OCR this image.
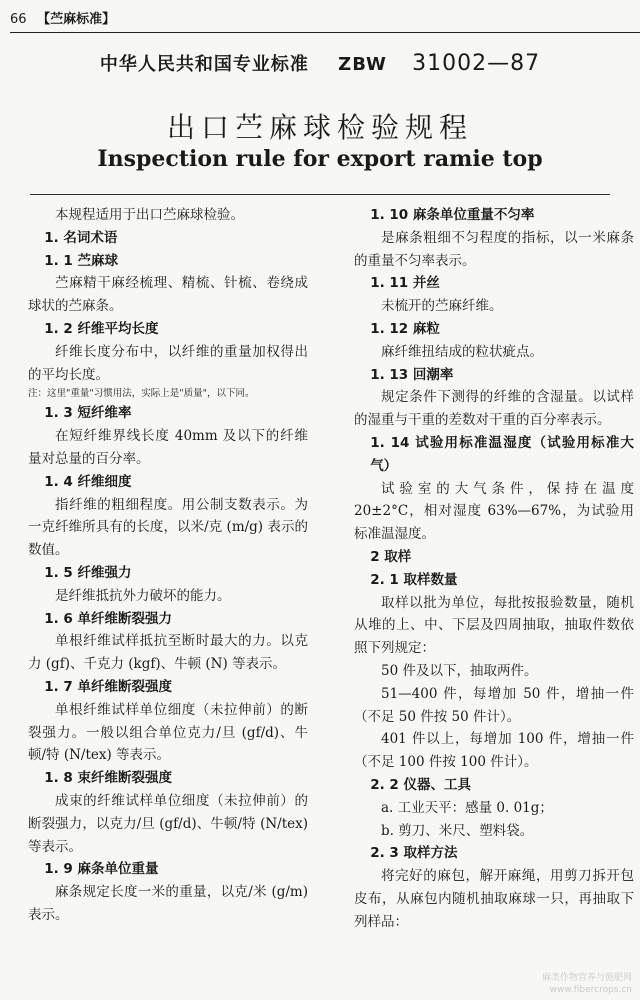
66 【苎麻标准】
中华人民共和国专业标准 ZBW 31002—87
出口苎麻球检验规程
Inspection rule for export ramie top

本规程适用于出口苎麻球检验。

1. 名词术语

1. 1 苎麻球

苎麻精干麻经梳理、精梳、针梳、卷绕成球状的苎麻条。

1. 2 纤维平均长度

纤维长度分布中，以纤维的重量加权得出的平均长度。

注：这里"重量"习惯用法，实际上是"质量"，以下同。

1. 3 短纤维率

在短纤维界线长度 40mm 及以下的纤维量对总量的百分率。

1. 4 纤维细度

指纤维的粗细程度。用公制支数表示。为一克纤维所具有的长度，以米/克 (m/g) 表示的数值。

1. 5 纤维强力

是纤维抵抗外力破坏的能力。

1. 6 单纤维断裂强力

单根纤维试样抵抗至断时最大的力。以克力 (gf)、千克力 (kgf)、牛顿 (N) 等表示。

1. 7 单纤维断裂强度

单根纤维试样单位细度（未拉伸前）的断裂强力。一般以组合单位克力/旦 (gf/d)、牛顿/特 (N/tex) 等表示。

1. 8 束纤维断裂强度

成束的纤维试样单位细度（未拉伸前）的断裂强力，以克力/旦 (gf/d)、牛顿/特 (N/tex) 等表示。

1. 9 麻条单位重量

麻条规定长度一米的重量，以克/米 (g/m) 表示。

1. 10 麻条单位重量不匀率

是麻条粗细不匀程度的指标，以一米麻条的重量不匀率表示。

1. 11 并丝

未梳开的苎麻纤维。

1. 12 麻粒

麻纤维扭结成的粒状疵点。

1. 13 回潮率

规定条件下测得的纤维的含湿量。以试样的湿重与干重的差数对干重的百分率表示。

1. 14 试验用标准温湿度（试验用标准大气）

试验室的大气条件，保持在温度 20±2°C，相对湿度 63%—67%，为试验用标准温湿度。

2 取样

2. 1 取样数量

取样以批为单位，每批按报验数量，随机从堆的上、中、下层及四周抽取，抽取件数依照下列规定：

50 件及以下，抽取两件。

51—400 件，每增加 50 件，增抽一件（不足 50 件按 50 件计）。

401 件以上，每增加 100 件，增抽一件（不足 100 件按 100 件计）。

2. 2 仪器、工具

a. 工业天平：感量 0. 01g；

b. 剪刀、米尺、塑料袋。

2. 3 取样方法

将完好的麻包，解开麻绳，用剪刀拆开包皮布，从麻包内随机抽取麻球一只，再抽取下列样品：

麻类作物营养与施肥网
www.fibercrops.cn
